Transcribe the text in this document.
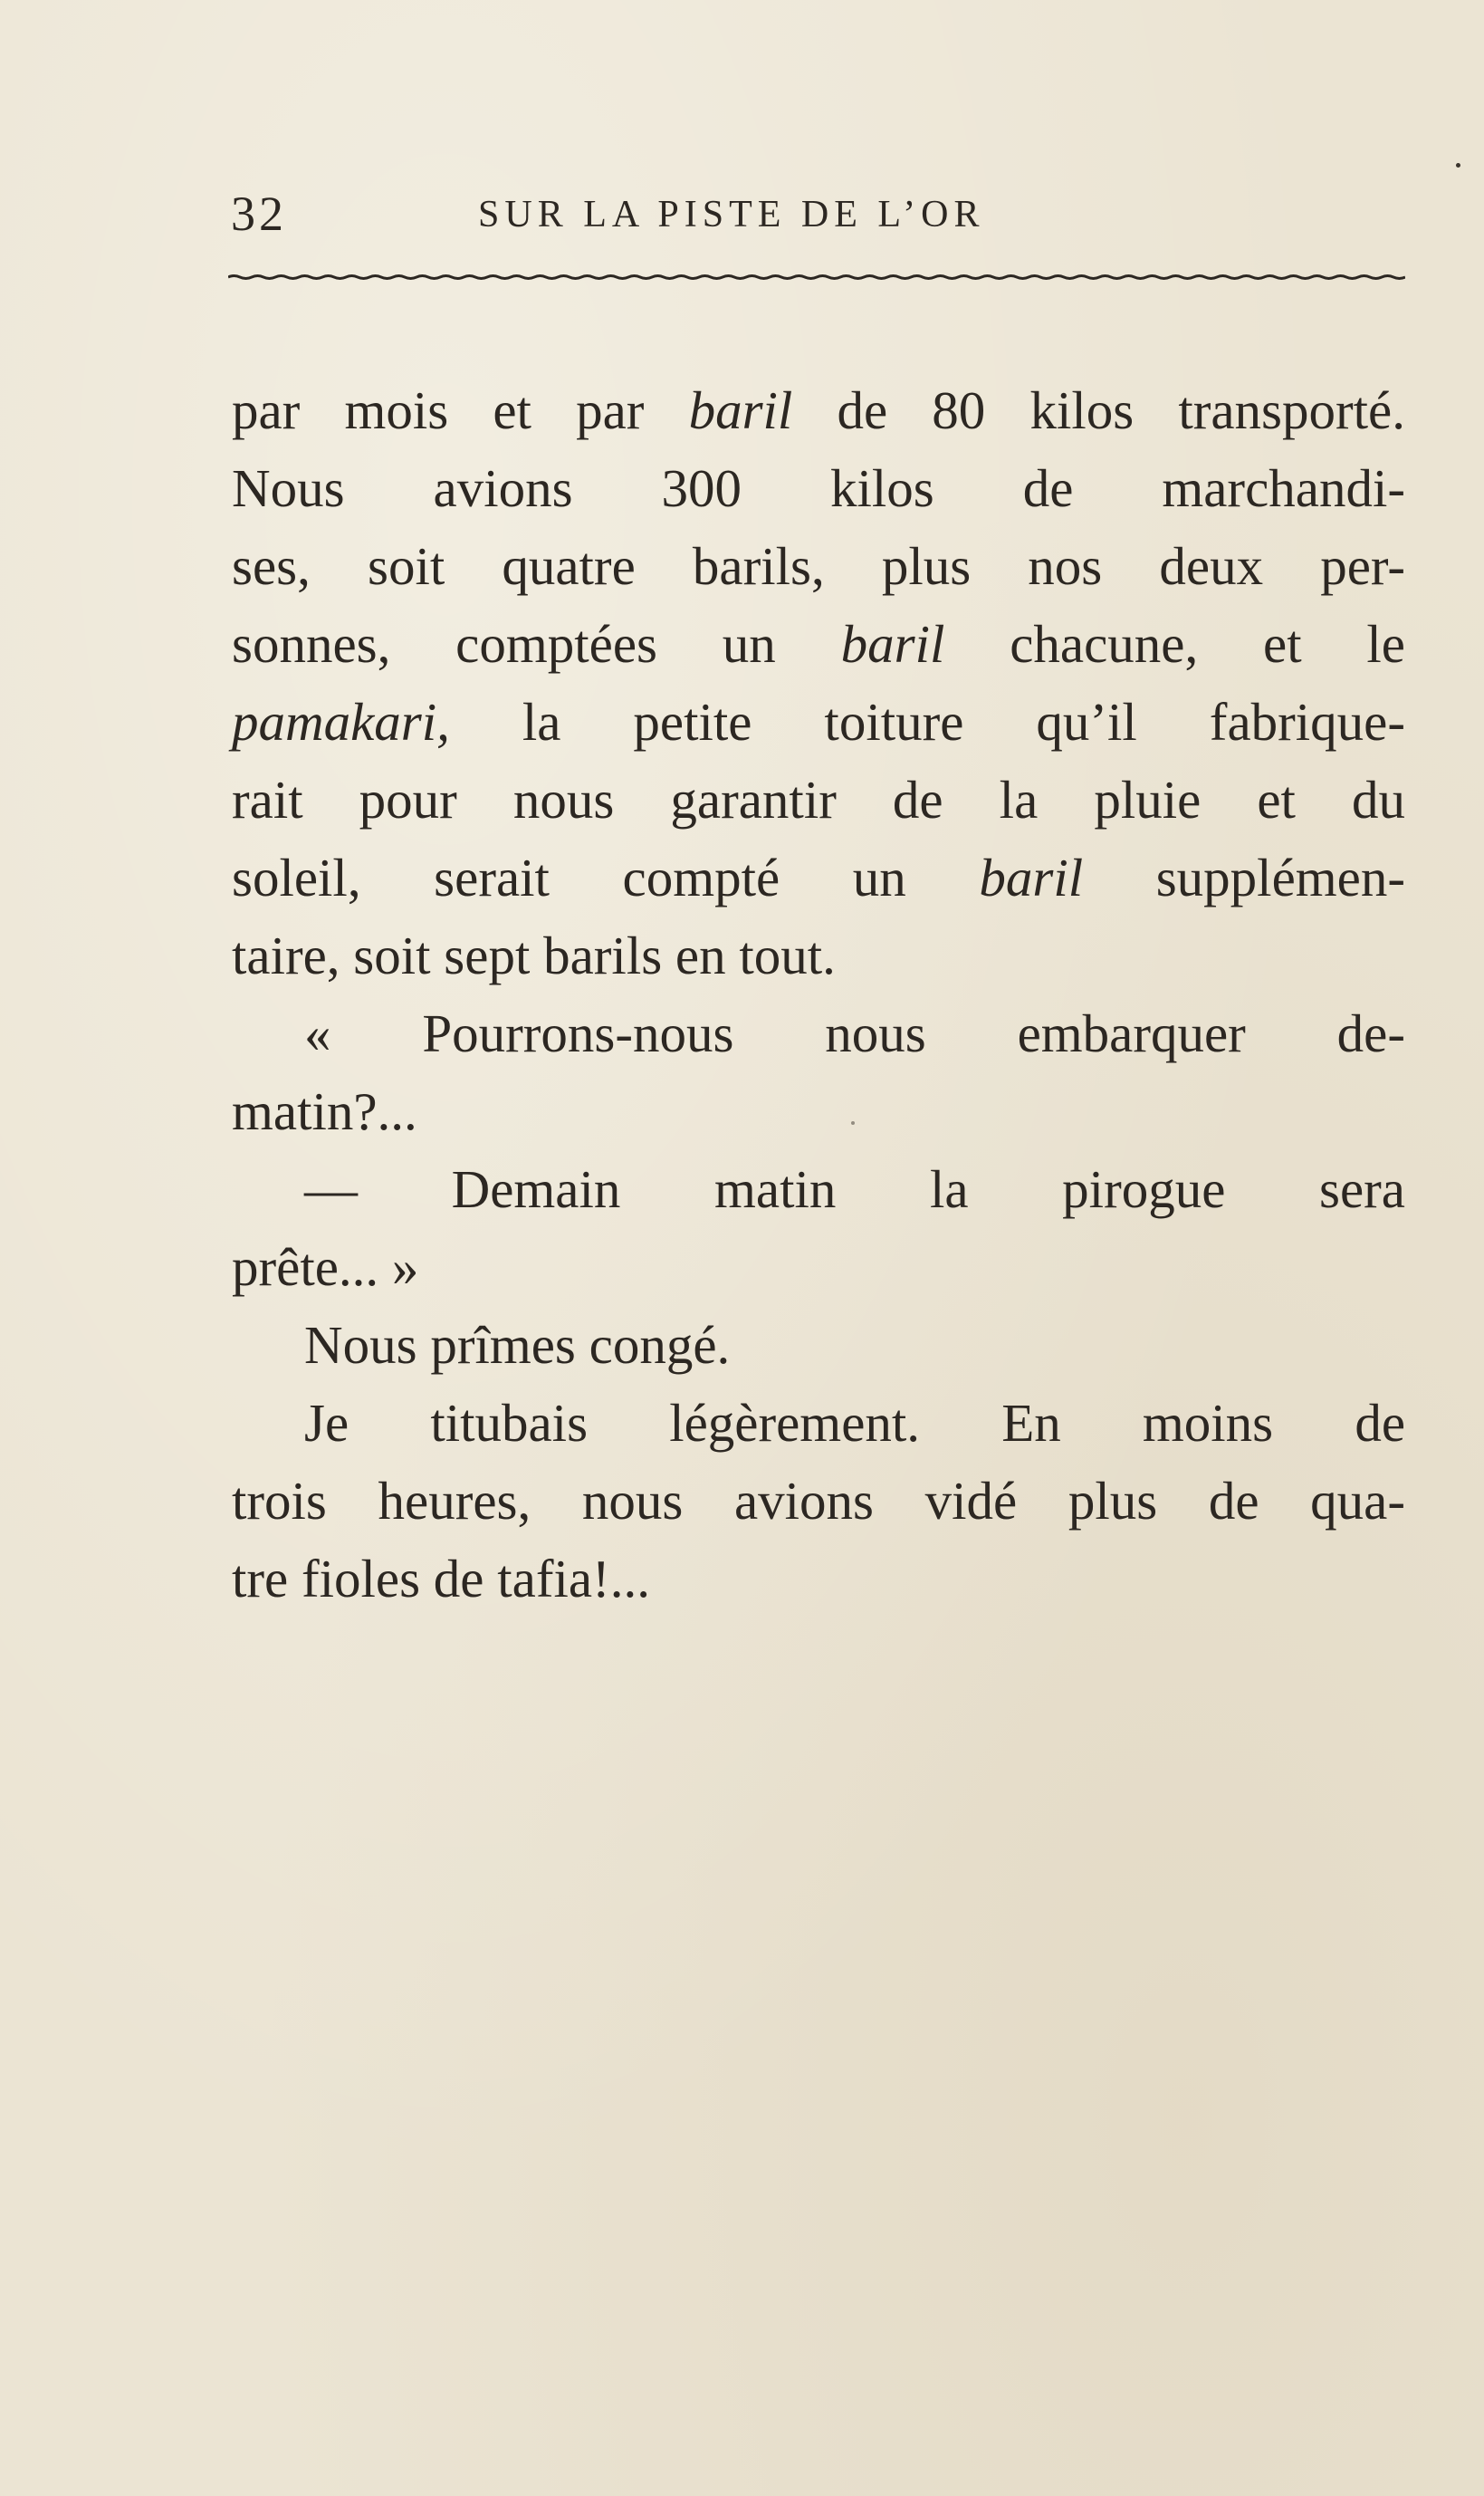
32	SUR LA PISTE DE L’OR
par mois et par baril de 80 kilos transporté.
Nous avions 300 kilos de marchandi-
ses, soit quatre barils, plus nos deux per-
sonnes, comptées un baril chacune, et le
pamakari, la petite toiture qu’il fabrique-
rait pour nous garantir de la pluie et du
soleil, serait compté un baril supplémen-
taire, soit sept barils en tout.
« Pourrons-nous nous embarquer de-
matin?...
— Demain matin la pirogue sera
prête... »
Nous prîmes congé.
Je titubais légèrement. En moins de
trois heures, nous avions vidé plus de qua-
tre fioles de tafia!...
